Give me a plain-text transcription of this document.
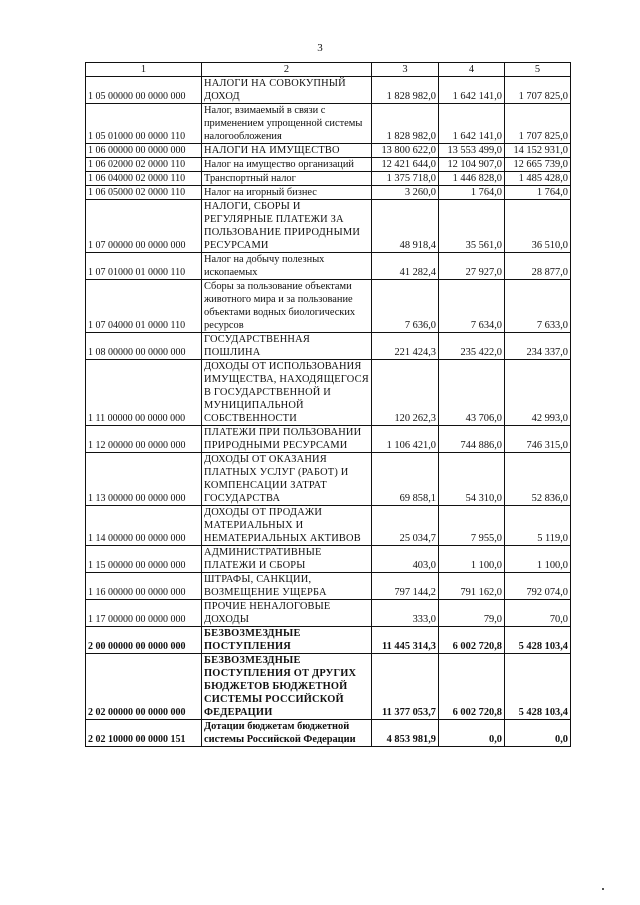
3
1	2	3	4	5
1 05 00000 00 0000 000	НАЛОГИ НА СОВОКУПНЫЙ ДОХОД	1 828 982,0	1 642 141,0	1 707 825,0
1 05 01000 00 0000 110	Налог, взимаемый в связи с применением упрощенной системы налогообложения	1 828 982,0	1 642 141,0	1 707 825,0
1 06 00000 00 0000 000	НАЛОГИ НА ИМУЩЕСТВО	13 800 622,0	13 553 499,0	14 152 931,0
1 06 02000 02 0000 110	Налог на имущество организаций	12 421 644,0	12 104 907,0	12 665 739,0
1 06 04000 02 0000 110	Транспортный налог	1 375 718,0	1 446 828,0	1 485 428,0
1 06 05000 02 0000 110	Налог на игорный бизнес	3 260,0	1 764,0	1 764,0
1 07 00000 00 0000 000	НАЛОГИ, СБОРЫ И РЕГУЛЯРНЫЕ ПЛАТЕЖИ ЗА ПОЛЬЗОВАНИЕ ПРИРОДНЫМИ РЕСУРСАМИ	48 918,4	35 561,0	36 510,0
1 07 01000 01 0000 110	Налог на добычу полезных ископаемых	41 282,4	27 927,0	28 877,0
1 07 04000 01 0000 110	Сборы за пользование объектами животного мира и за пользование объектами водных биологических ресурсов	7 636,0	7 634,0	7 633,0
1 08 00000 00 0000 000	ГОСУДАРСТВЕННАЯ ПОШЛИНА	221 424,3	235 422,0	234 337,0
1 11 00000 00 0000 000	ДОХОДЫ ОТ ИСПОЛЬЗОВАНИЯ ИМУЩЕСТВА, НАХОДЯЩЕГОСЯ В ГОСУДАРСТВЕННОЙ И МУНИЦИПАЛЬНОЙ СОБСТВЕННОСТИ	120 262,3	43 706,0	42 993,0
1 12 00000 00 0000 000	ПЛАТЕЖИ ПРИ ПОЛЬЗОВАНИИ ПРИРОДНЫМИ РЕСУРСАМИ	1 106 421,0	744 886,0	746 315,0
1 13 00000 00 0000 000	ДОХОДЫ ОТ ОКАЗАНИЯ ПЛАТНЫХ УСЛУГ (РАБОТ) И КОМПЕНСАЦИИ ЗАТРАТ ГОСУДАРСТВА	69 858,1	54 310,0	52 836,0
1 14 00000 00 0000 000	ДОХОДЫ ОТ ПРОДАЖИ МАТЕРИАЛЬНЫХ И НЕМАТЕРИАЛЬНЫХ АКТИВОВ	25 034,7	7 955,0	5 119,0
1 15 00000 00 0000 000	АДМИНИСТРАТИВНЫЕ ПЛАТЕЖИ И СБОРЫ	403,0	1 100,0	1 100,0
1 16 00000 00 0000 000	ШТРАФЫ, САНКЦИИ, ВОЗМЕЩЕНИЕ УЩЕРБА	797 144,2	791 162,0	792 074,0
1 17 00000 00 0000 000	ПРОЧИЕ НЕНАЛОГОВЫЕ ДОХОДЫ	333,0	79,0	70,0
2 00 00000 00 0000 000	БЕЗВОЗМЕЗДНЫЕ ПОСТУПЛЕНИЯ	11 445 314,3	6 002 720,8	5 428 103,4
2 02 00000 00 0000 000	БЕЗВОЗМЕЗДНЫЕ ПОСТУПЛЕНИЯ ОТ ДРУГИХ БЮДЖЕТОВ БЮДЖЕТНОЙ СИСТЕМЫ РОССИЙСКОЙ ФЕДЕРАЦИИ	11 377 053,7	6 002 720,8	5 428 103,4
2 02 10000 00 0000 151	Дотации бюджетам бюджетной системы Российской Федерации	4 853 981,9	0,0	0,0
